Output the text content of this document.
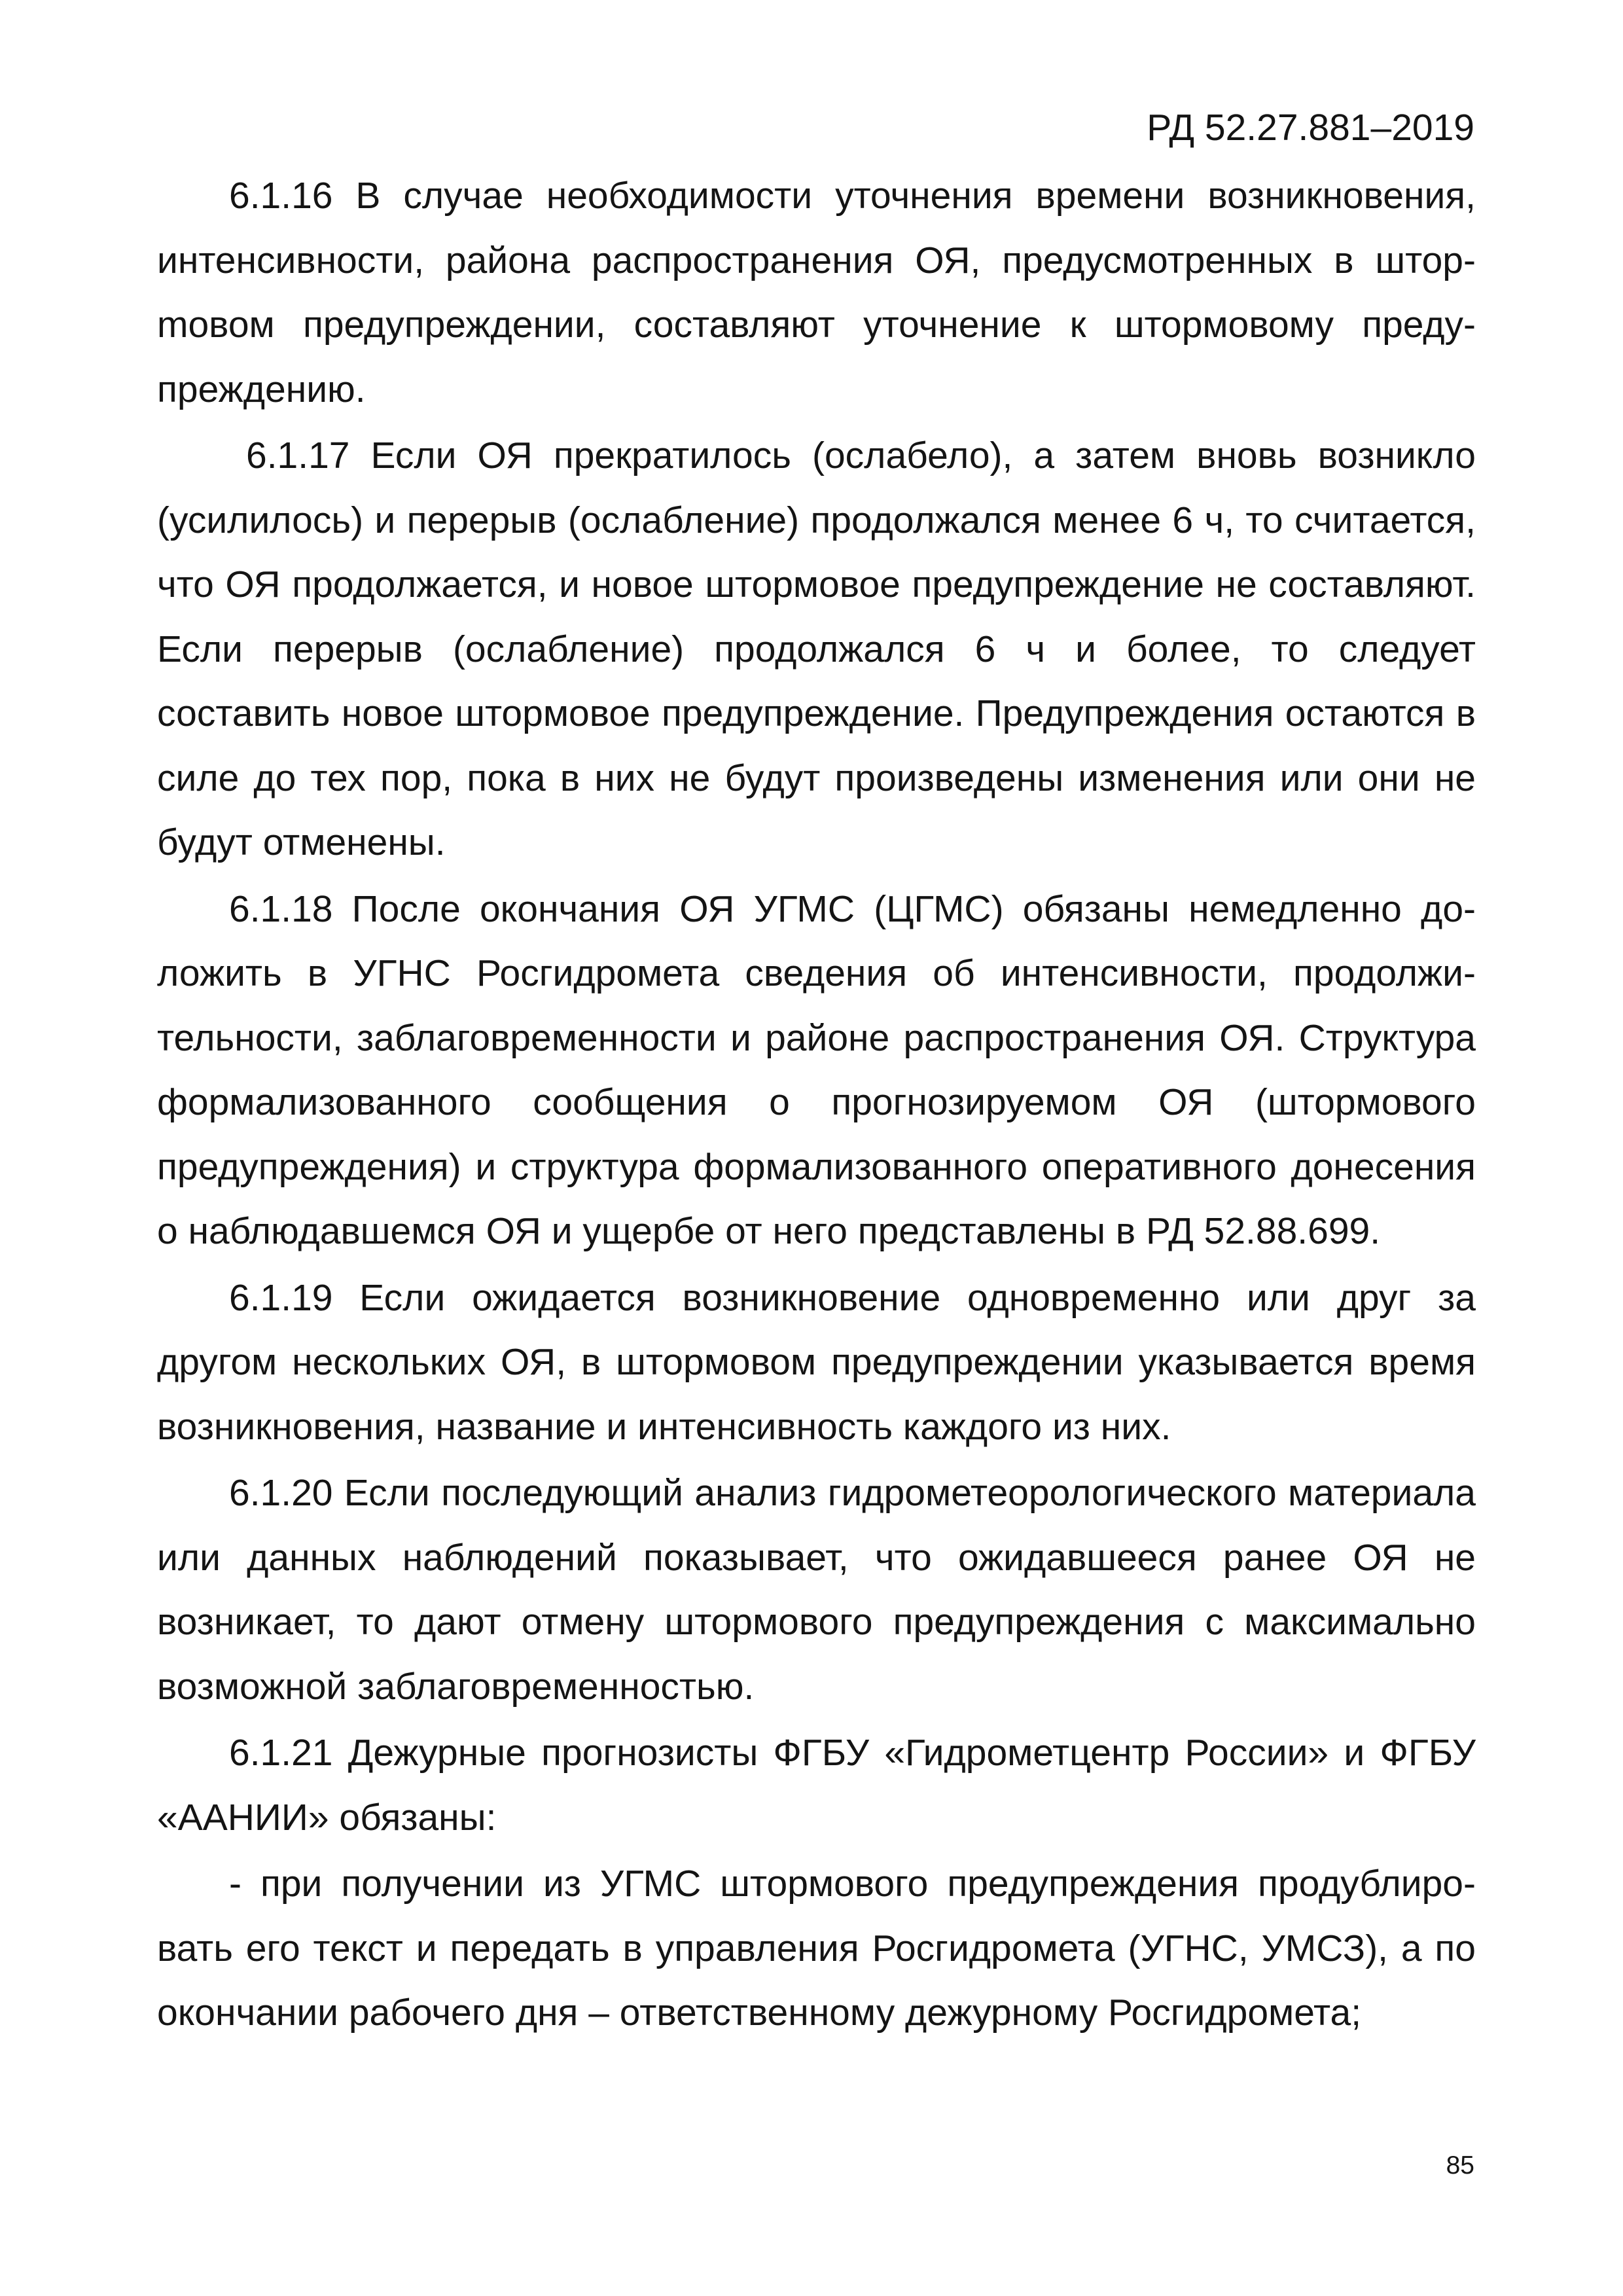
РД 52.27.881–2019

6.1.16 В случае необходимости уточнения времени возникновения, интенсивности, района распространения ОЯ, предусмотренных в шторmовом предупреждении, составляют уточнение к штормовому предупреждению.

6.1.17 Если ОЯ прекратилось (ослабело), а затем вновь возникло (усилилось) и перерыв (ослабление) продолжался менее 6 ч, то считается, что ОЯ продолжается, и новое штормовое предупреждение не составляют. Если перерыв (ослабление) продолжался 6 ч и более, то следует составить новое штормовое предупреждение. Предупреждения остаются в силе до тех пор, пока в них не будут произведены изменения или они не будут отменены.

6.1.18 После окончания ОЯ УГМС (ЦГМС) обязаны немедленно доложить в УГНС Росгидромета сведения об интенсивности, продолжительности, заблаговременности и районе распространения ОЯ. Структура формализованного сообщения о прогнозируемом ОЯ (штормового предупреждения) и структура формализованного оперативного донесения о наблюдавшемся ОЯ и ущербе от него представлены в РД 52.88.699.

6.1.19 Если ожидается возникновение одновременно или друг за другом нескольких ОЯ, в штормовом предупреждении указывается время возникновения, название и интенсивность каждого из них.

6.1.20 Если последующий анализ гидрометеорологического материала или данных наблюдений показывает, что ожидавшееся ранее ОЯ не возникает, то дают отмену штормового предупреждения с максимально возможной заблаговременностью.

6.1.21 Дежурные прогнозисты ФГБУ «Гидрометцентр России» и ФГБУ «ААНИИ» обязаны:

- при получении из УГМС штормового предупреждения продублировать его текст и передать в управления Росгидромета (УГНС, УМСЗ), а по окончании рабочего дня – ответственному дежурному Росгидромета;

85
